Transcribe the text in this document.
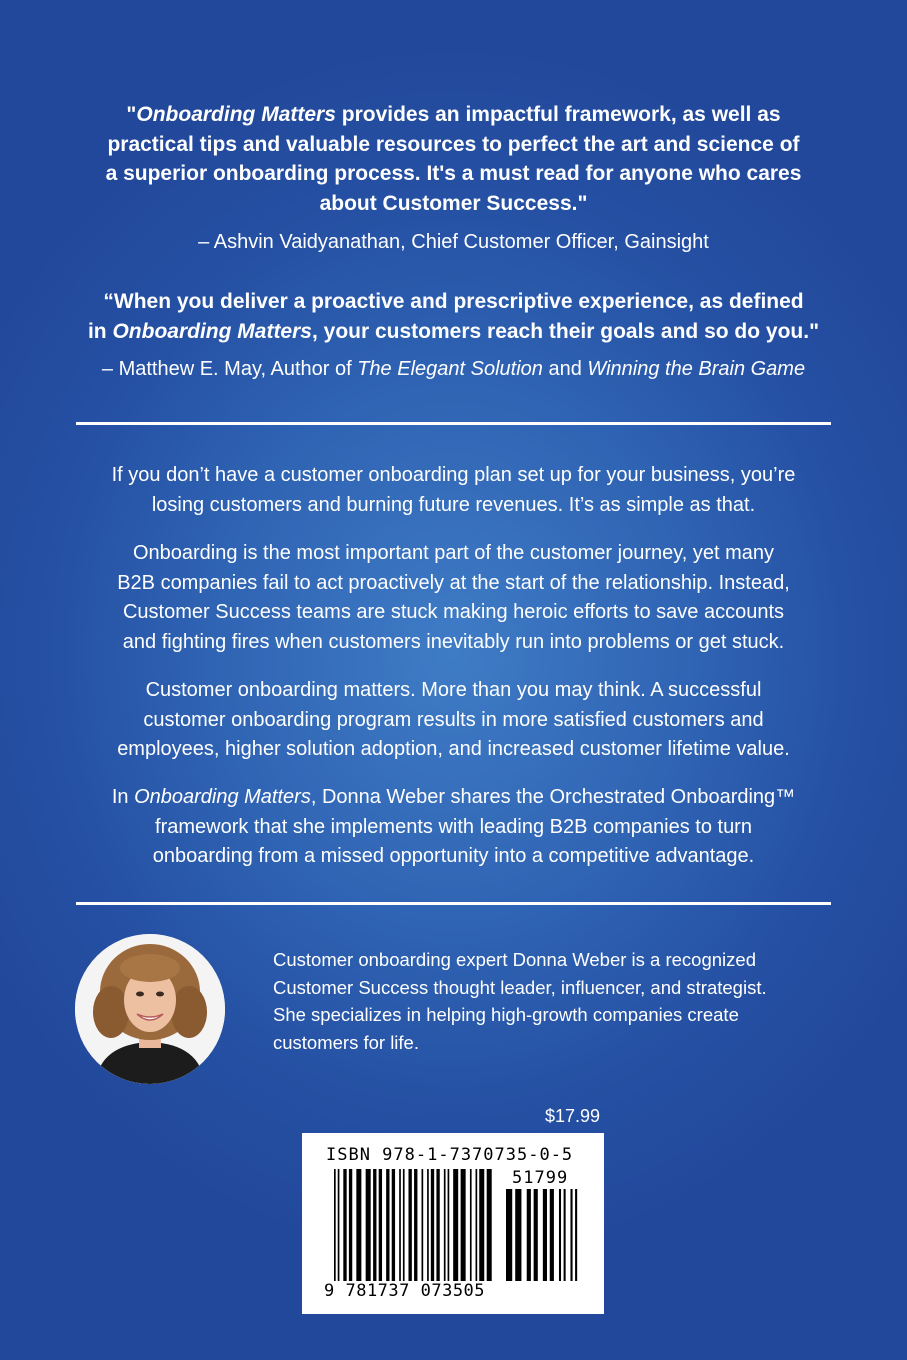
"Onboarding Matters provides an impactful framework, as well as
practical tips and valuable resources to perfect the art and science of
a superior onboarding process. It's a must read for anyone who cares
about Customer Success."
– Ashvin Vaidyanathan, Chief Customer Officer, Gainsight
“When you deliver a proactive and prescriptive experience, as defined
in Onboarding Matters, your customers reach their goals and so do you."
– Matthew E. May, Author of The Elegant Solution and Winning the Brain Game
If you don’t have a customer onboarding plan set up for your business, you’re
losing customers and burning future revenues. It’s as simple as that.
Onboarding is the most important part of the customer journey, yet many
B2B companies fail to act proactively at the start of the relationship. Instead,
Customer Success teams are stuck making heroic efforts to save accounts
and fighting fires when customers inevitably run into problems or get stuck.
Customer onboarding matters. More than you may think. A successful
customer onboarding program results in more satisfied customers and
employees, higher solution adoption, and increased customer lifetime value.
In Onboarding Matters, Donna Weber shares the Orchestrated Onboarding™
framework that she implements with leading B2B companies to turn
onboarding from a missed opportunity into a competitive advantage.
Customer onboarding expert Donna Weber is a recognized
Customer Success thought leader, influencer, and strategist.
She specializes in helping high-growth companies create
customers for life.
$17.99
ISBN 978-1-7370735-0-5
51799
9 781737 073505
